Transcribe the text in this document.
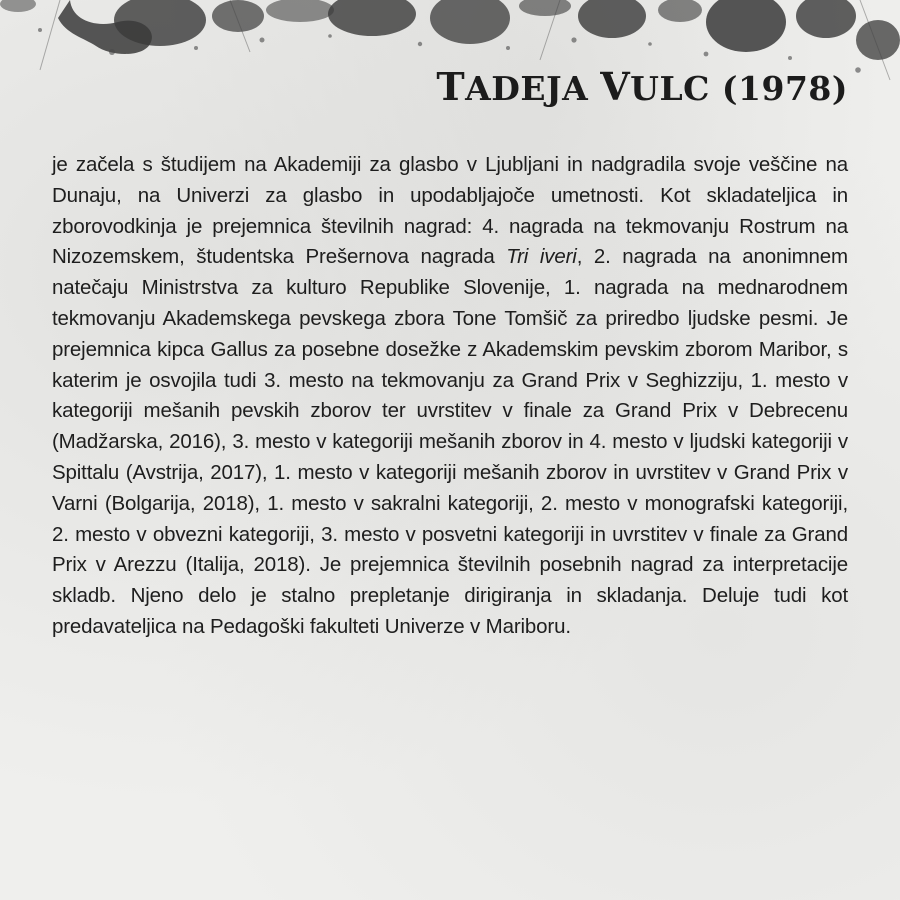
TADEJA VULC (1978)

je začela s študijem na Akademiji za glasbo v Ljubljani in nadgradila svoje veščine na Dunaju, na Univerzi za glasbo in upodabljajoče umetnosti. Kot skladateljica in zborovodkinja je prejemnica številnih nagrad: 4. nagrada na tekmovanju Rostrum na Nizozemskem, študentska Prešernova nagrada Tri iveri, 2. nagrada na anonimnem natečaju Ministrstva za kulturo Republike Slovenije, 1. nagrada na mednarodnem tekmovanju Akademskega pevskega zbora Tone Tomšič za priredbo ljudske pesmi. Je prejemnica kipca Gallus za posebne dosežke z Akademskim pevskim zborom Maribor, s katerim je osvojila tudi 3. mesto na tekmovanju za Grand Prix v Seghizziju, 1. mesto v kategoriji mešanih pevskih zborov ter uvrstitev v finale za Grand Prix v Debrecenu (Madžarska, 2016), 3. mesto v kategoriji mešanih zborov in 4. mesto v ljudski kategoriji v Spittalu (Avstrija, 2017), 1. mesto v kategoriji mešanih zborov in uvrstitev v Grand Prix v Varni (Bolgarija, 2018), 1. mesto v sakralni kategoriji, 2. mesto v monografski kategoriji, 2. mesto v obvezni kategoriji, 3. mesto v posvetni kategoriji in uvrstitev v finale za Grand Prix v Arezzu (Italija, 2018). Je prejemnica številnih posebnih nagrad za interpretacije skladb. Njeno delo je stalno prepletanje dirigiranja in skladanja. Deluje tudi kot predavateljica na Pedagoški fakulteti Univerze v Mariboru.
